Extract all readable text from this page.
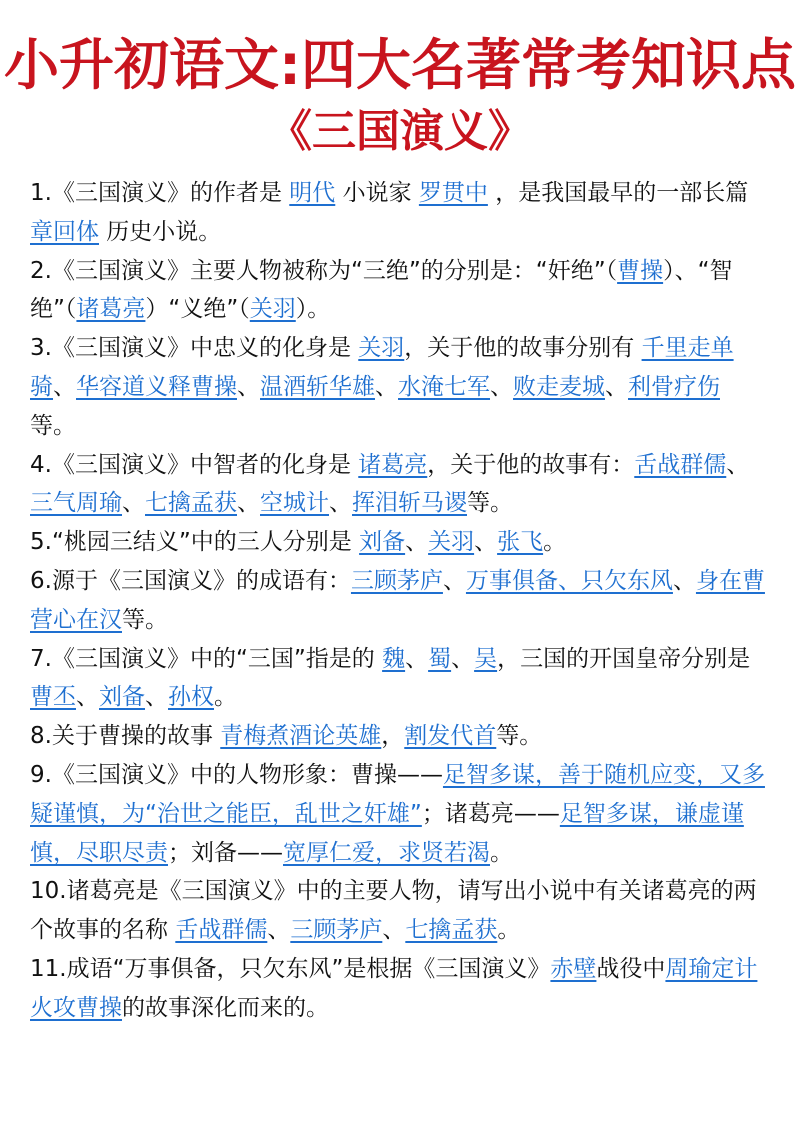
小升初语文:四大名著常考知识点
《三国演义》

1.《三国演义》的作者是 明代 小说家 罗贯中 ，是我国最早的一部长篇 章回体 历史小说。

2.《三国演义》主要人物被称为“三绝”的分别是：“奸绝”（曹操）、“智绝”（诸葛亮）“义绝”（关羽）。

3.《三国演义》中忠义的化身是 关羽，关于他的故事分别有 千里走单骑、华容道义释曹操、温酒斩华雄、水淹七军、败走麦城、利骨疗伤 等。

4.《三国演义》中智者的化身是 诸葛亮，关于他的故事有：舌战群儒、三气周瑜、七擒孟获、空城计、挥泪斩马谡等。

5.“桃园三结义”中的三人分别是 刘备、关羽、张飞。

6.源于《三国演义》的成语有：三顾茅庐、万事俱备、只欠东风、身在曹营心在汉等。

7.《三国演义》中的“三国”指是的 魏、蜀、吴，三国的开国皇帝分别是 曹丕、刘备、孙权。

8.关于曹操的故事 青梅煮酒论英雄，割发代首等。

9.《三国演义》中的人物形象：曹操——足智多谋，善于随机应变，又多疑谨慎，为“治世之能臣，乱世之奸雄”；诸葛亮——足智多谋，谦虚谨慎，尽职尽责；刘备——宽厚仁爱，求贤若渴。

10.诸葛亮是《三国演义》中的主要人物，请写出小说中有关诸葛亮的两个故事的名称 舌战群儒、三顾茅庐、七擒孟获。

11.成语“万事俱备，只欠东风”是根据《三国演义》赤壁战役中周瑜定计火攻曹操的故事深化而来的。
